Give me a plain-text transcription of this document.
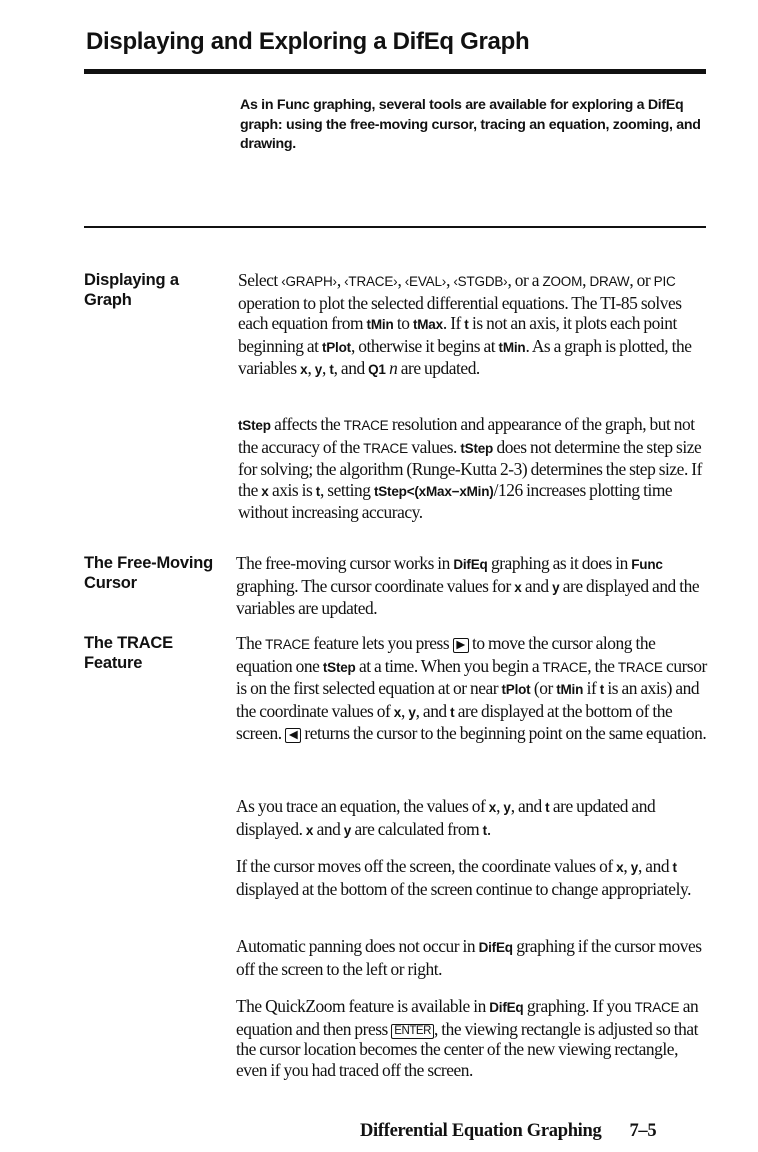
Displaying and Exploring a DifEq Graph

As in Func graphing, several tools are available for exploring a DifEq graph: using the free-moving cursor, tracing an equation, zooming, and drawing.

Displaying a Graph

Select ‹GRAPH›, ‹TRACE›, ‹EVAL›, ‹STGDB›, or a ZOOM, DRAW, or PIC operation to plot the selected differential equations. The TI-85 solves each equation from tMin to tMax. If t is not an axis, it plots each point beginning at tPlot, otherwise it begins at tMin. As a graph is plotted, the variables x, y, t, and Q1 n are updated.

tStep affects the TRACE resolution and appearance of the graph, but not the accuracy of the TRACE values. tStep does not determine the step size for solving; the algorithm (Runge-Kutta 2-3) determines the step size. If the x axis is t, setting tStep<(xMax−xMin)/126 increases plotting time without increasing accuracy.

The Free-Moving Cursor

The free-moving cursor works in DifEq graphing as it does in Func graphing. The cursor coordinate values for x and y are displayed and the variables are updated.

The TRACE Feature

The TRACE feature lets you press ▶ to move the cursor along the equation one tStep at a time. When you begin a TRACE, the TRACE cursor is on the first selected equation at or near tPlot (or tMin if t is an axis) and the coordinate values of x, y, and t are displayed at the bottom of the screen. ◀ returns the cursor to the beginning point on the same equation.

As you trace an equation, the values of x, y, and t are updated and displayed. x and y are calculated from t.

If the cursor moves off the screen, the coordinate values of x, y, and t displayed at the bottom of the screen continue to change appropriately.

Automatic panning does not occur in DifEq graphing if the cursor moves off the screen to the left or right.

The QuickZoom feature is available in DifEq graphing. If you TRACE an equation and then press ENTER , the viewing rectangle is adjusted so that the cursor location becomes the center of the new viewing rectangle, even if you had traced off the screen.

Differential Equation Graphing 7–5
